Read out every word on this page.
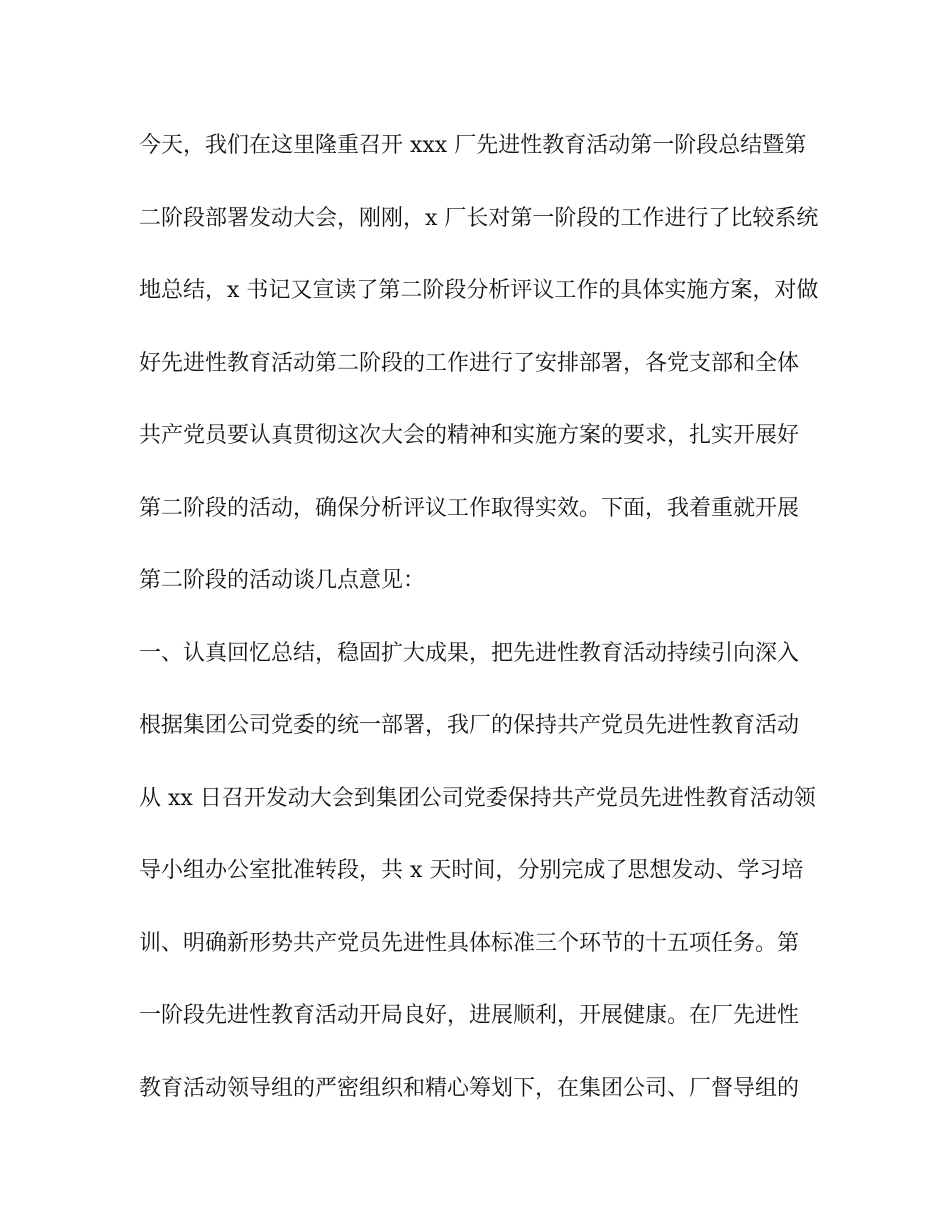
今天，我们在这里隆重召开 xxx 厂先进性教育活动第一阶段总结暨第
二阶段部署发动大会，刚刚，x 厂长对第一阶段的工作进行了比较系统
地总结，x 书记又宣读了第二阶段分析评议工作的具体实施方案，对做
好先进性教育活动第二阶段的工作进行了安排部署，各党支部和全体
共产党员要认真贯彻这次大会的精神和实施方案的要求，扎实开展好
第二阶段的活动，确保分析评议工作取得实效。下面，我着重就开展
第二阶段的活动谈几点意见：
一、认真回忆总结，稳固扩大成果，把先进性教育活动持续引向深入
根据集团公司党委的统一部署，我厂的保持共产党员先进性教育活动
从 xx 日召开发动大会到集团公司党委保持共产党员先进性教育活动领
导小组办公室批准转段，共 x 天时间，分别完成了思想发动、学习培
训、明确新形势共产党员先进性具体标准三个环节的十五项任务。第
一阶段先进性教育活动开局良好，进展顺利，开展健康。在厂先进性
教育活动领导组的严密组织和精心筹划下，在集团公司、厂督导组的
